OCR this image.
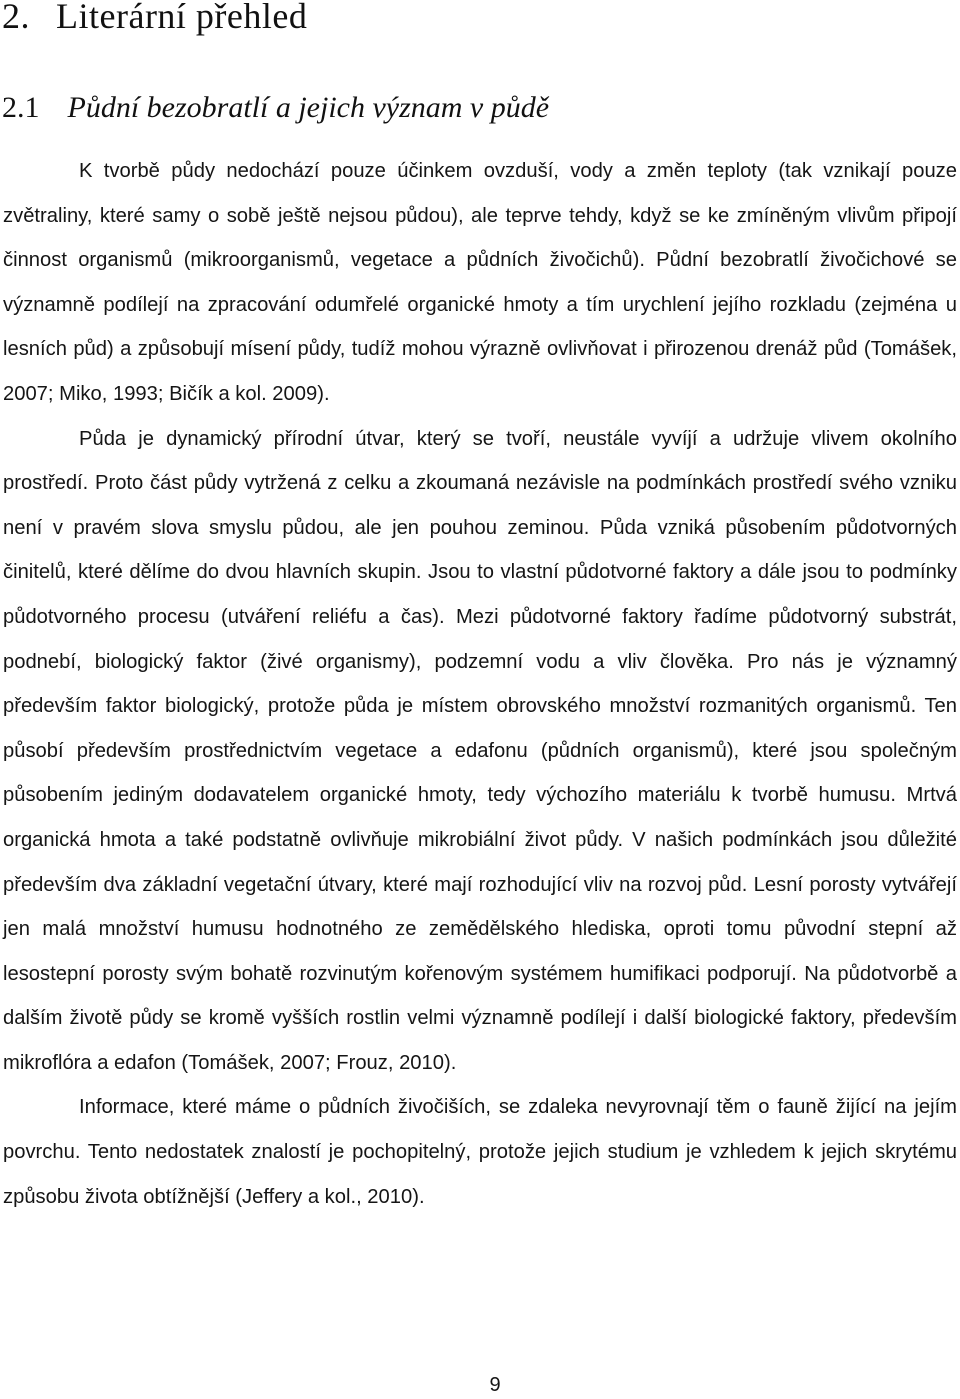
2. Literární přehled
2.1 Půdní bezobratlí a jejich význam v půdě

K tvorbě půdy nedochází pouze účinkem ovzduší, vody a změn teploty (tak vznikají pouze zvětraliny, které samy o sobě ještě nejsou půdou), ale teprve tehdy, když se ke zmíněným vlivům připojí činnost organismů (mikroorganismů, vegetace a půdních živočichů). Půdní bezobratlí živočichové se významně podílejí na zpracování odumřelé organické hmoty a tím urychlení jejího rozkladu (zejména u lesních půd) a způsobují mísení půdy, tudíž mohou výrazně ovlivňovat i přirozenou drenáž půd (Tomášek, 2007; Miko, 1993; Bičík a kol. 2009).

Půda je dynamický přírodní útvar, který se tvoří, neustále vyvíjí a udržuje vlivem okolního prostředí. Proto část půdy vytržená z celku a zkoumaná nezávisle na podmínkách prostředí svého vzniku není v pravém slova smyslu půdou, ale jen pouhou zeminou. Půda vzniká působením půdotvorných činitelů, které dělíme do dvou hlavních skupin. Jsou to vlastní půdotvorné faktory a dále jsou to podmínky půdotvorného procesu (utváření reliéfu a čas). Mezi půdotvorné faktory řadíme půdotvorný substrát, podnebí, biologický faktor (živé organismy), podzemní vodu a vliv člověka. Pro nás je významný především faktor biologický, protože půda je místem obrovského množství rozmanitých organismů. Ten působí především prostřednictvím vegetace a edafonu (půdních organismů), které jsou společným působením jediným dodavatelem organické hmoty, tedy výchozího materiálu k tvorbě humusu. Mrtvá organická hmota a také podstatně ovlivňuje mikrobiální život půdy. V našich podmínkách jsou důležité především dva základní vegetační útvary, které mají rozhodující vliv na rozvoj půd. Lesní porosty vytvářejí jen malá množství humusu hodnotného ze zemědělského hlediska, oproti tomu původní stepní až lesostepní porosty svým bohatě rozvinutým kořenovým systémem humifikaci podporují. Na půdotvorbě a dalším životě půdy se kromě vyšších rostlin velmi významně podílejí i další biologické faktory, především mikroflóra a edafon (Tomášek, 2007; Frouz, 2010).

Informace, které máme o půdních živočiších, se zdaleka nevyrovnají těm o fauně žijící na jejím povrchu. Tento nedostatek znalostí je pochopitelný, protože jejich studium je vzhledem k jejich skrytému způsobu života obtížnější (Jeffery a kol., 2010).

9
